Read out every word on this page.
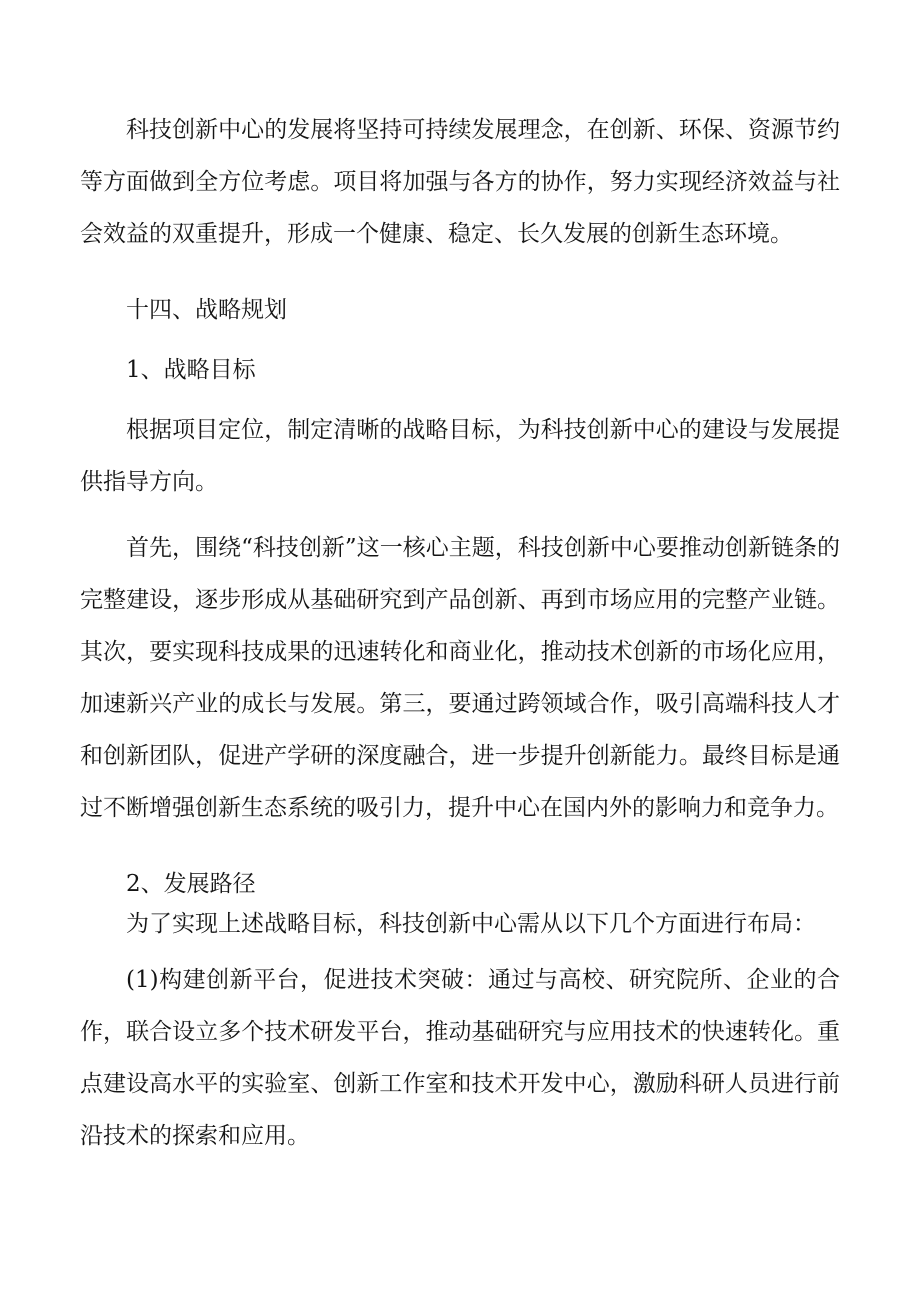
科技创新中心的发展将坚持可持续发展理念，在创新、环保、资源节约等方面做到全方位考虑。项目将加强与各方的协作，努力实现经济效益与社会效益的双重提升，形成一个健康、稳定、长久发展的创新生态环境。

十四、战略规划

1、战略目标

根据项目定位，制定清晰的战略目标，为科技创新中心的建设与发展提供指导方向。

首先，围绕“科技创新”这一核心主题，科技创新中心要推动创新链条的完整建设，逐步形成从基础研究到产品创新、再到市场应用的完整产业链。其次，要实现科技成果的迅速转化和商业化，推动技术创新的市场化应用，加速新兴产业的成长与发展。第三，要通过跨领域合作，吸引高端科技人才和创新团队，促进产学研的深度融合，进一步提升创新能力。最终目标是通过不断增强创新生态系统的吸引力，提升中心在国内外的影响力和竞争力。

2、发展路径

为了实现上述战略目标，科技创新中心需从以下几个方面进行布局：

(1)构建创新平台，促进技术突破：通过与高校、研究院所、企业的合作，联合设立多个技术研发平台，推动基础研究与应用技术的快速转化。重点建设高水平的实验室、创新工作室和技术开发中心，激励科研人员进行前沿技术的探索和应用。
